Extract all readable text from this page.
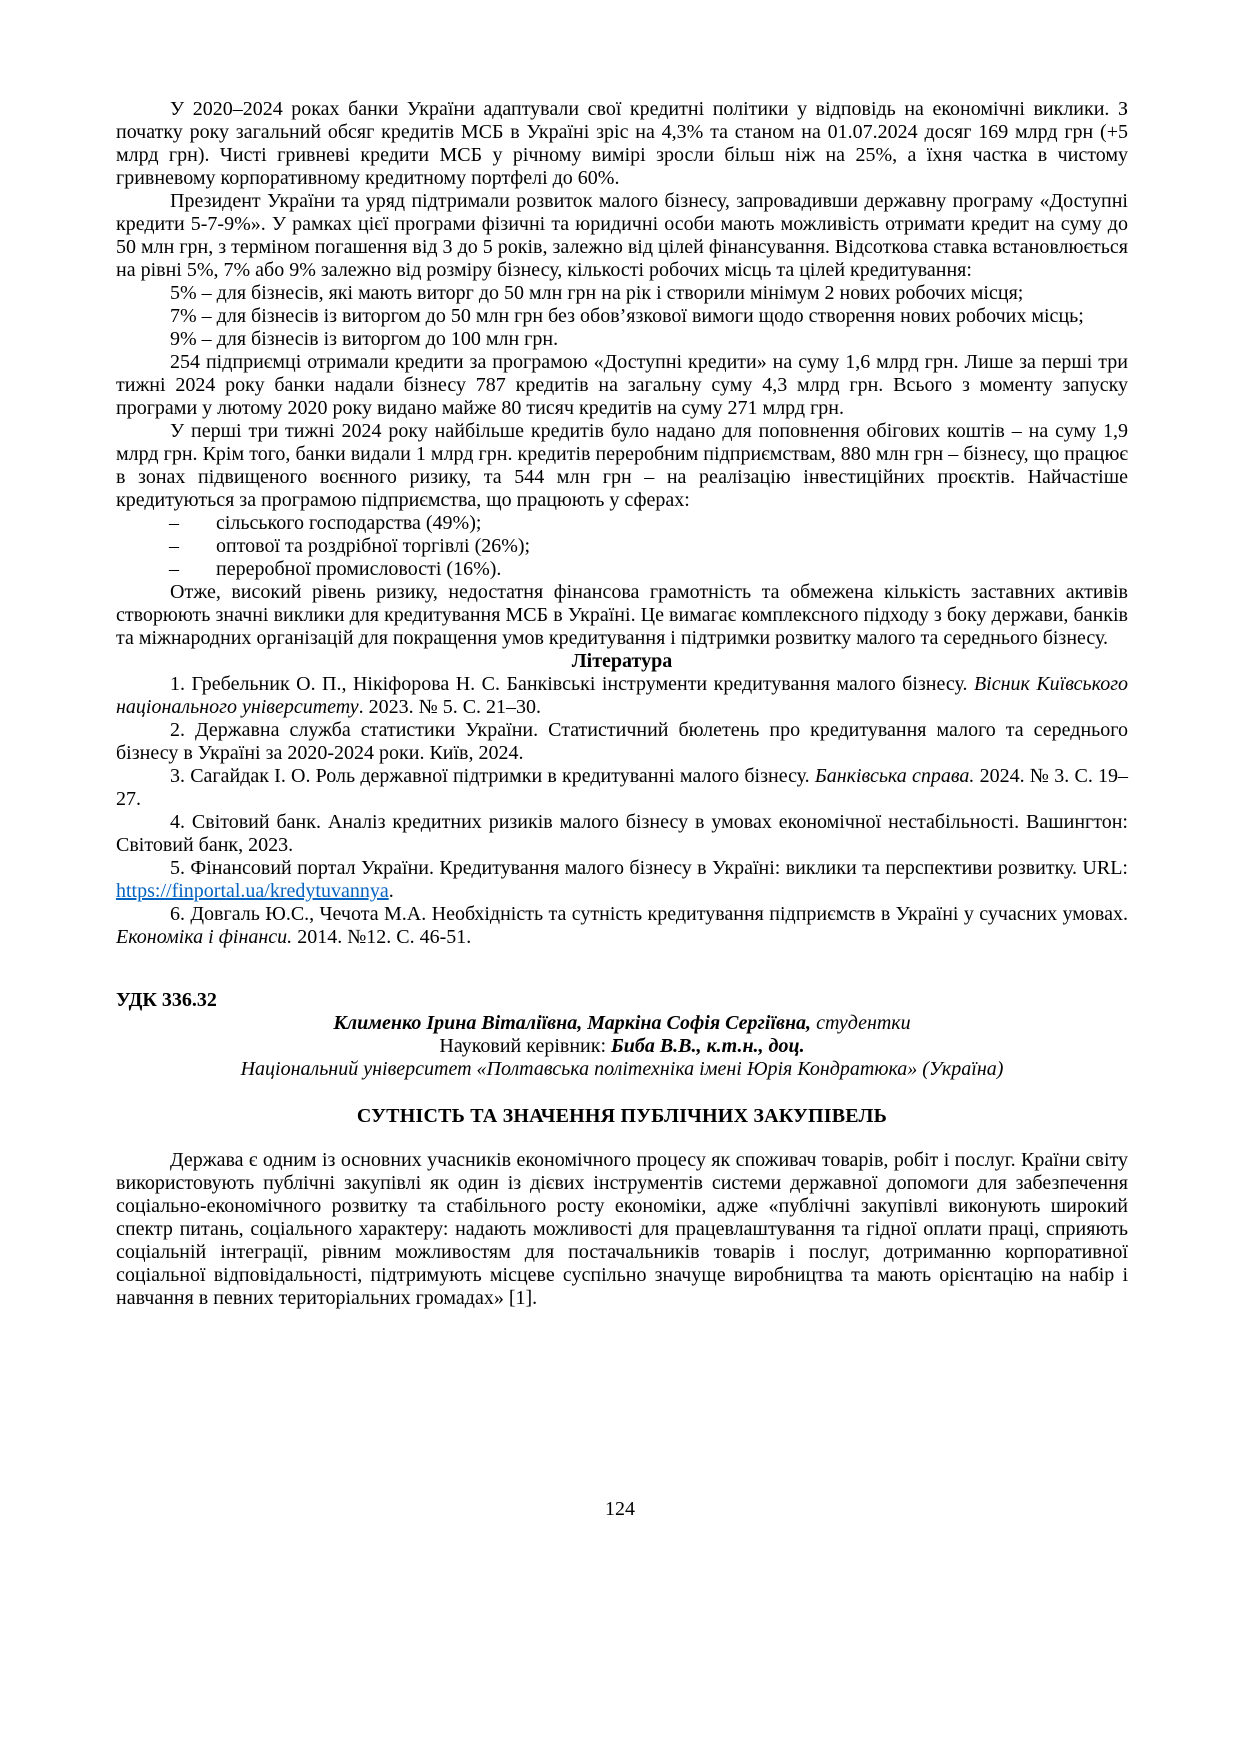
У 2020–2024 роках банки України адаптували свої кредитні політики у відповідь на економічні виклики. З початку року загальний обсяг кредитів МСБ в Україні зріс на 4,3% та станом на 01.07.2024 досяг 169 млрд грн (+5 млрд грн). Чисті гривневі кредити МСБ у річному вимірі зросли більш ніж на 25%, а їхня частка в чистому гривневому корпоративному кредитному портфелі до 60%.

Президент України та уряд підтримали розвиток малого бізнесу, запровадивши державну програму «Доступні кредити 5-7-9%». У рамках цієї програми фізичні та юридичні особи мають можливість отримати кредит на суму до 50 млн грн, з терміном погашення від 3 до 5 років, залежно від цілей фінансування. Відсоткова ставка встановлюється на рівні 5%, 7% або 9% залежно від розміру бізнесу, кількості робочих місць та цілей кредитування:

5% – для бізнесів, які мають виторг до 50 млн грн на рік і створили мінімум 2 нових робочих місця;

7% – для бізнесів із виторгом до 50 млн грн без обов’язкової вимоги щодо створення нових робочих місць;

9% – для бізнесів із виторгом до 100 млн грн.

254 підприємці отримали кредити за програмою «Доступні кредити» на суму 1,6 млрд грн. Лише за перші три тижні 2024 року банки надали бізнесу 787 кредитів на загальну суму 4,3 млрд грн. Всього з моменту запуску програми у лютому 2020 року видано майже 80 тисяч кредитів на суму 271 млрд грн.

У перші три тижні 2024 року найбільше кредитів було надано для поповнення обігових коштів – на суму 1,9 млрд грн. Крім того, банки видали 1 млрд грн. кредитів переробним підприємствам, 880 млн грн – бізнесу, що працює в зонах підвищеного воєнного ризику, та 544 млн грн – на реалізацію інвестиційних проєктів. Найчастіше кредитуються за програмою підприємства, що працюють у сферах:

– сільського господарства (49%);

– оптової та роздрібної торгівлі (26%);

– переробної промисловості (16%).

Отже, високий рівень ризику, недостатня фінансова грамотність та обмежена кількість заставних активів створюють значні виклики для кредитування МСБ в Україні. Це вимагає комплексного підходу з боку держави, банків та міжнародних організацій для покращення умов кредитування і підтримки розвитку малого та середнього бізнесу.

Література

1. Гребельник О. П., Нікіфорова Н. С. Банківські інструменти кредитування малого бізнесу. Вісник Київського національного університету. 2023. № 5. С. 21–30.

2. Державна служба статистики України. Статистичний бюлетень про кредитування малого та середнього бізнесу в Україні за 2020-2024 роки. Київ, 2024.

3. Сагайдак І. О. Роль державної підтримки в кредитуванні малого бізнесу. Банківська справа. 2024. № 3. С. 19–27.

4. Світовий банк. Аналіз кредитних ризиків малого бізнесу в умовах економічної нестабільності. Вашингтон: Світовий банк, 2023.

5. Фінансовий портал України. Кредитування малого бізнесу в Україні: виклики та перспективи розвитку. URL: https://finportal.ua/kredytuvannya.

6. Довгаль Ю.С., Чечота М.А. Необхідність та сутність кредитування підприємств в Україні у сучасних умовах. Економіка і фінанси. 2014. №12. С. 46-51.

УДК 336.32

Клименко Ірина Віталіївна, Маркіна Софія Сергіївна, студентки

Науковий керівник: Биба В.В., к.т.н., доц.

Національний університет «Полтавська політехніка імені Юрія Кондратюка» (Україна)

СУТНІСТЬ ТА ЗНАЧЕННЯ ПУБЛІЧНИХ ЗАКУПІВЕЛЬ

Держава є одним із основних учасників економічного процесу як споживач товарів, робіт і послуг. Країни світу використовують публічні закупівлі як один із дієвих інструментів системи державної допомоги для забезпечення соціально-економічного розвитку та стабільного росту економіки, адже «публічні закупівлі виконують широкий спектр питань, соціального характеру: надають можливості для працевлаштування та гідної оплати праці, сприяють соціальній інтеграції, рівним можливостям для постачальників товарів і послуг, дотриманню корпоративної соціальної відповідальності, підтримують місцеве суспільно значуще виробництва та мають орієнтацію на набір і навчання в певних територіальних громадах» [1].

124
